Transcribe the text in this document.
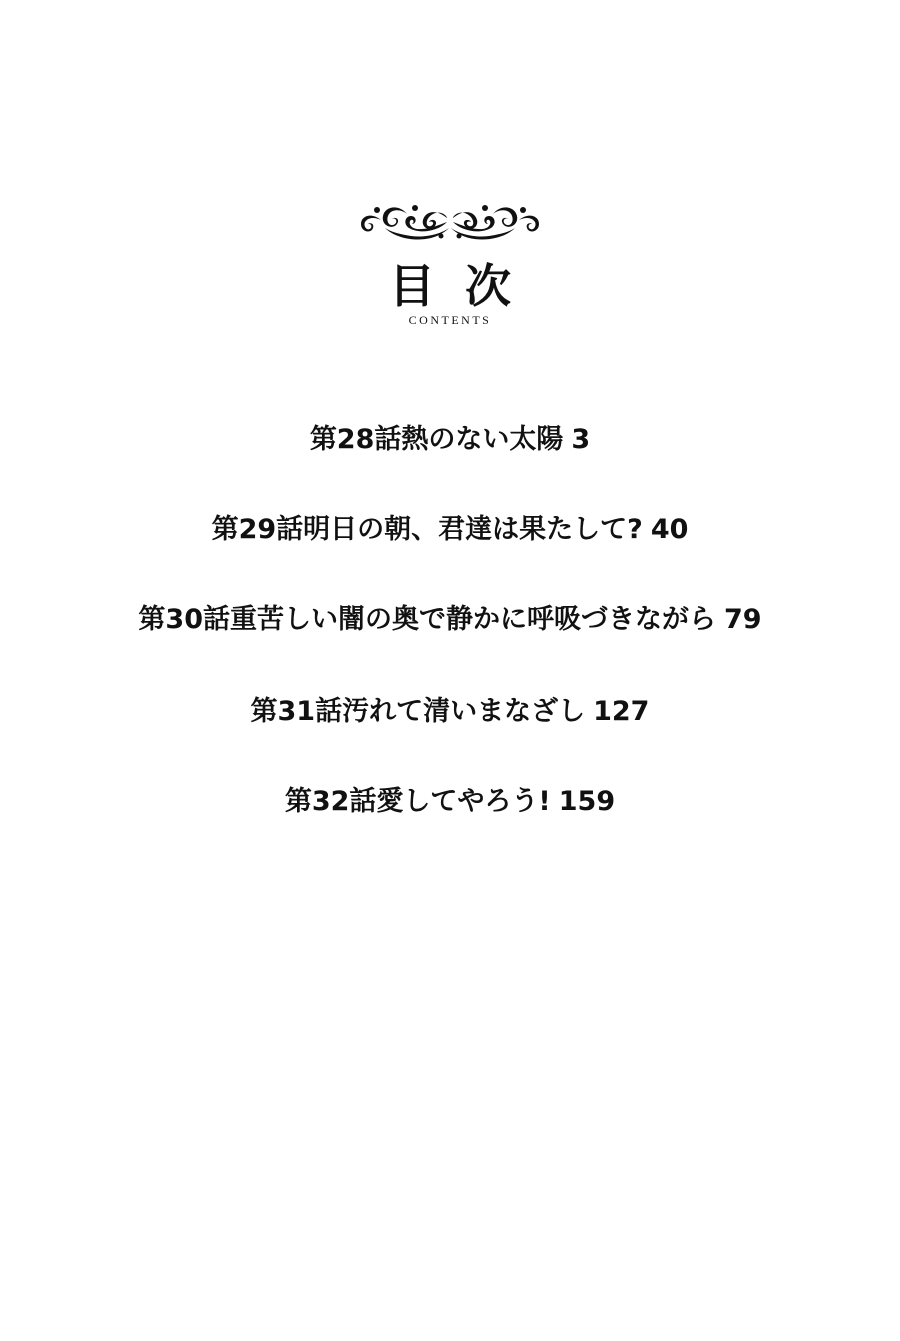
目次
CONTENTS
第28話熱のない太陽 3
第29話明日の朝、君達は果たして? 40
第30話重苦しい闇の奥で静かに呼吸づきながら 79
第31話汚れて清いまなざし 127
第32話愛してやろう! 159
